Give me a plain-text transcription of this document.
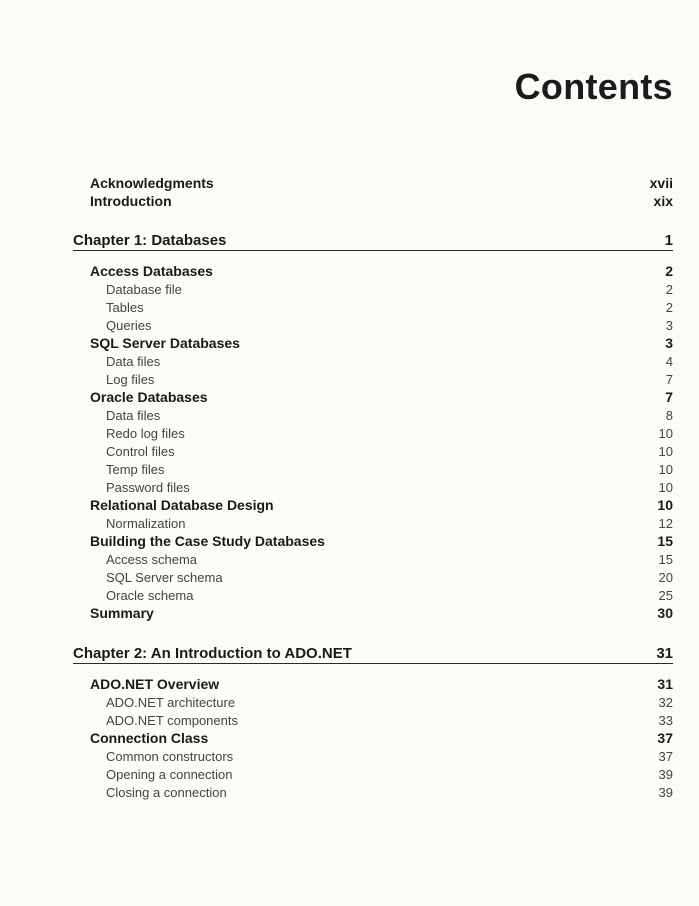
Contents
Acknowledgments	xvii
Introduction	xix
Chapter 1: Databases	1
Access Databases	2
Database file	2
Tables	2
Queries	3
SQL Server Databases	3
Data files	4
Log files	7
Oracle Databases	7
Data files	8
Redo log files	10
Control files	10
Temp files	10
Password files	10
Relational Database Design	10
Normalization	12
Building the Case Study Databases	15
Access schema	15
SQL Server schema	20
Oracle schema	25
Summary	30
Chapter 2: An Introduction to ADO.NET	31
ADO.NET Overview	31
ADO.NET architecture	32
ADO.NET components	33
Connection Class	37
Common constructors	37
Opening a connection	39
Closing a connection	39
